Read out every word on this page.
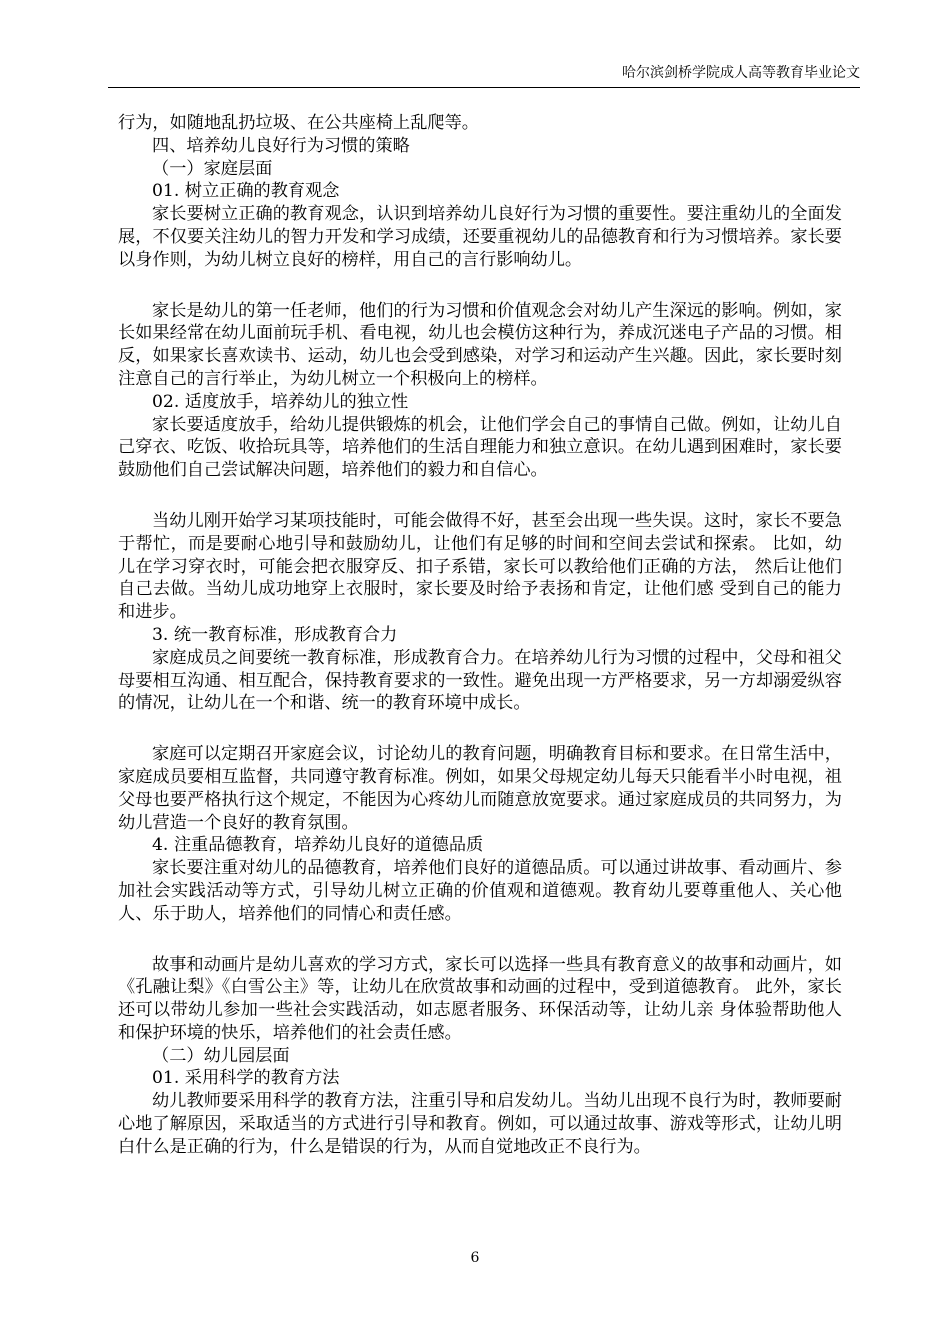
哈尔滨剑桥学院成人高等教育毕业论文

行为，如随地乱扔垃圾、在公共座椅上乱爬等。

四、培养幼儿良好行为习惯的策略

（一）家庭层面

01. 树立正确的教育观念

家长要树立正确的教育观念，认识到培养幼儿良好行为习惯的重要性。要注重幼儿的全面发展，不仅要关注幼儿的智力开发和学习成绩，还要重视幼儿的品德教育和行为习惯培养。家长要以身作则，为幼儿树立良好的榜样，用自己的言行影响幼儿。

家长是幼儿的第一任老师，他们的行为习惯和价值观念会对幼儿产生深远的影响。例如，家长如果经常在幼儿面前玩手机、看电视，幼儿也会模仿这种行为，养成沉迷电子产品的习惯。相反，如果家长喜欢读书、运动，幼儿也会受到感染，对学习和运动产生兴趣。因此，家长要时刻注意自己的言行举止，为幼儿树立一个积极向上的榜样。

02. 适度放手，培养幼儿的独立性

家长要适度放手，给幼儿提供锻炼的机会，让他们学会自己的事情自己做。例如，让幼儿自己穿衣、吃饭、收拾玩具等，培养他们的生活自理能力和独立意识。在幼儿遇到困难时，家长要鼓励他们自己尝试解决问题，培养他们的毅力和自信心。

当幼儿刚开始学习某项技能时，可能会做得不好，甚至会出现一些失误。这时，家长不要急于帮忙，而是要耐心地引导和鼓励幼儿，让他们有足够的时间和空间去尝试和探索。 比如，幼儿在学习穿衣时，可能会把衣服穿反、扣子系错，家长可以教给他们正确的方法， 然后让他们自己去做。当幼儿成功地穿上衣服时，家长要及时给予表扬和肯定，让他们感 受到自己的能力和进步。

3. 统一教育标准，形成教育合力

家庭成员之间要统一教育标准，形成教育合力。在培养幼儿行为习惯的过程中，父母和祖父母要相互沟通、相互配合，保持教育要求的一致性。避免出现一方严格要求，另一方却溺爱纵容的情况，让幼儿在一个和谐、统一的教育环境中成长。

家庭可以定期召开家庭会议，讨论幼儿的教育问题，明确教育目标和要求。在日常生活中，家庭成员要相互监督，共同遵守教育标准。例如，如果父母规定幼儿每天只能看半小时电视，祖父母也要严格执行这个规定，不能因为心疼幼儿而随意放宽要求。通过家庭成员的共同努力，为幼儿营造一个良好的教育氛围。

4. 注重品德教育，培养幼儿良好的道德品质

家长要注重对幼儿的品德教育，培养他们良好的道德品质。可以通过讲故事、看动画片、参加社会实践活动等方式，引导幼儿树立正确的价值观和道德观。教育幼儿要尊重他人、关心他人、乐于助人，培养他们的同情心和责任感。

故事和动画片是幼儿喜欢的学习方式，家长可以选择一些具有教育意义的故事和动画片，如《孔融让梨》《白雪公主》等，让幼儿在欣赏故事和动画的过程中，受到道德教育。 此外，家长还可以带幼儿参加一些社会实践活动，如志愿者服务、环保活动等，让幼儿亲 身体验帮助他人和保护环境的快乐，培养他们的社会责任感。

（二）幼儿园层面

01. 采用科学的教育方法

幼儿教师要采用科学的教育方法，注重引导和启发幼儿。当幼儿出现不良行为时，教师要耐心地了解原因，采取适当的方式进行引导和教育。例如，可以通过故事、游戏等形式，让幼儿明白什么是正确的行为，什么是错误的行为，从而自觉地改正不良行为。

6
